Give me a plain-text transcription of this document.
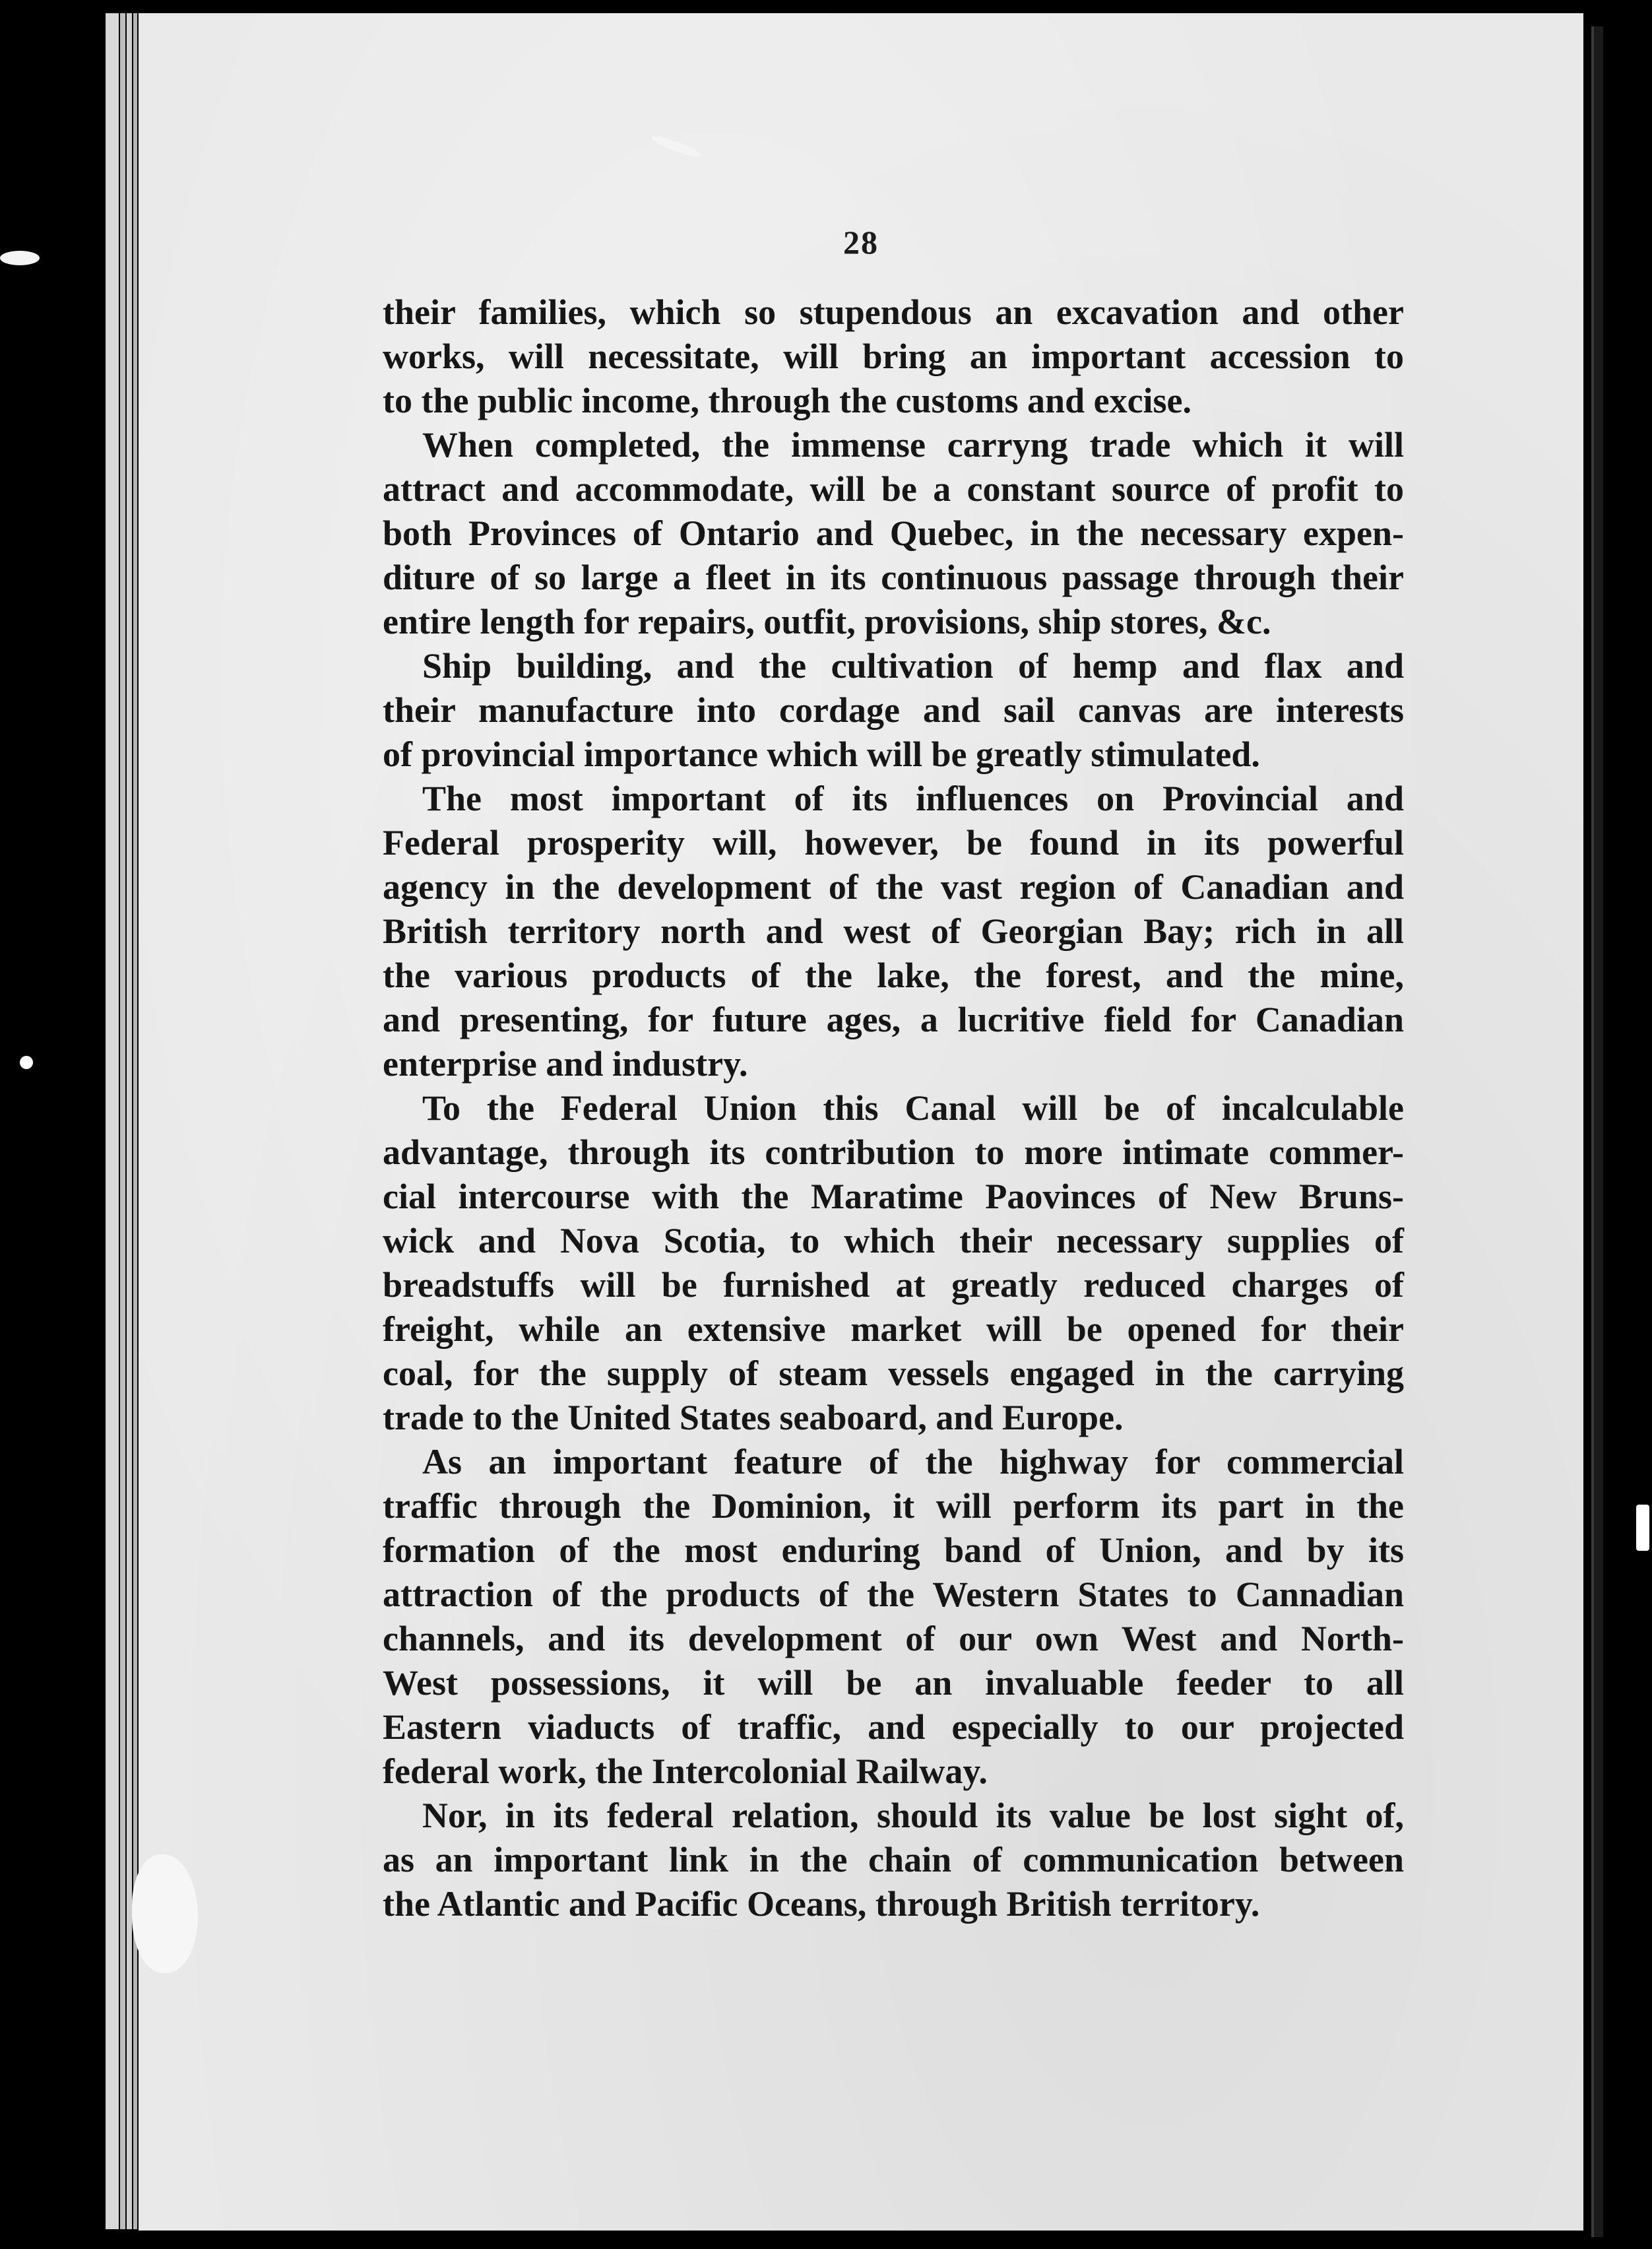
28
their families, which so stupendous an excavation and other
works, will necessitate, will bring an important accession to
to the public income, through the customs and excise.
When completed, the immense carryng trade which it will
attract and accommodate, will be a constant source of profit to
both Provinces of Ontario and Quebec, in the necessary expen-
diture of so large a fleet in its continuous passage through their
entire length for repairs, outfit, provisions, ship stores, &c.
Ship building, and the cultivation of hemp and flax and
their manufacture into cordage and sail canvas are interests
of provincial importance which will be greatly stimulated.
The most important of its influences on Provincial and
Federal prosperity will, however, be found in its powerful
agency in the development of the vast region of Canadian and
British territory north and west of Georgian Bay; rich in all
the various products of the lake, the forest, and the mine,
and presenting, for future ages, a lucritive field for Canadian
enterprise and industry.
To the Federal Union this Canal will be of incalculable
advantage, through its contribution to more intimate commer-
cial intercourse with the Maratime Paovinces of New Bruns-
wick and Nova Scotia, to which their necessary supplies of
breadstuffs will be furnished at greatly reduced charges of
freight, while an extensive market will be opened for their
coal, for the supply of steam vessels engaged in the carrying
trade to the United States seaboard, and Europe.
As an important feature of the highway for commercial
traffic through the Dominion, it will perform its part in the
formation of the most enduring band of Union, and by its
attraction of the products of the Western States to Cannadian
channels, and its development of our own West and North-
West possessions, it will be an invaluable feeder to all
Eastern viaducts of traffic, and especially to our projected
federal work, the Intercolonial Railway.
Nor, in its federal relation, should its value be lost sight of,
as an important link in the chain of communication between
the Atlantic and Pacific Oceans, through British territory.
